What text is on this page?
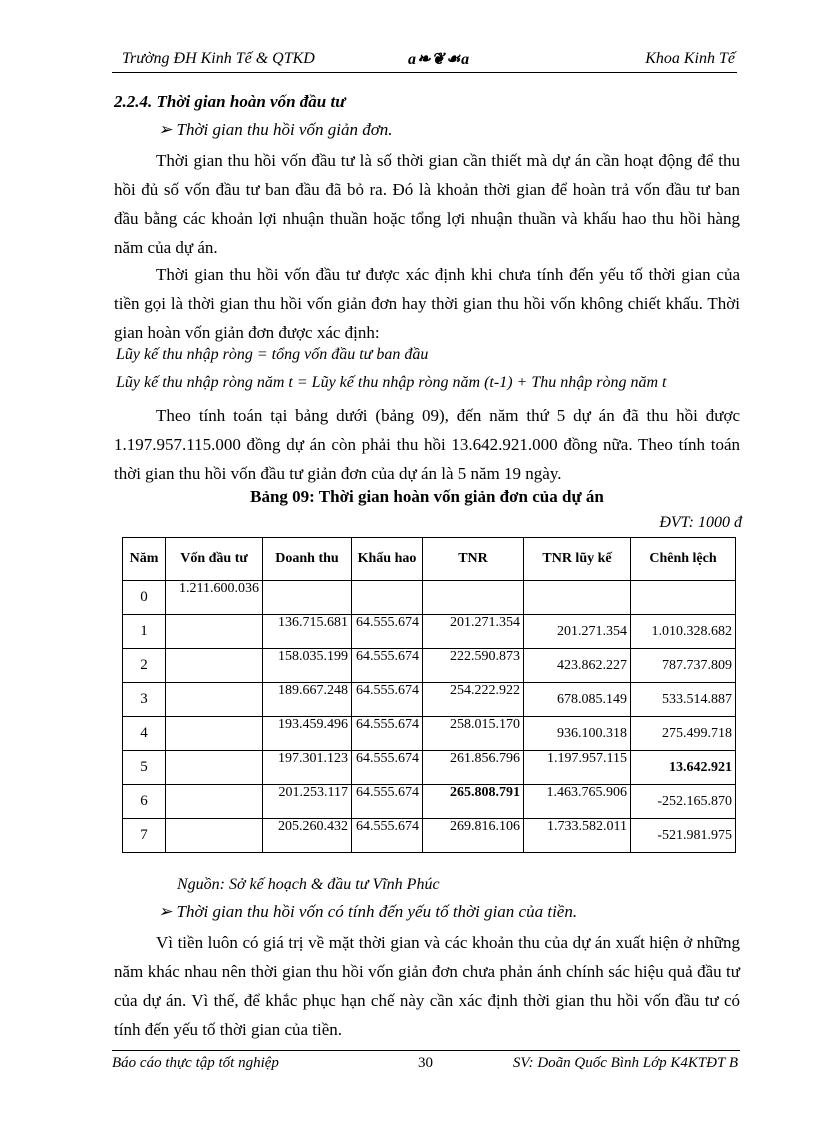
Trường ĐH Kinh Tế & QTKD	a❧❦☙a	Khoa Kinh Tế
2.2.4. Thời gian hoàn vốn đầu tư
➢ Thời gian thu hồi vốn giản đơn.
Thời gian thu hồi vốn đầu tư là số thời gian cần thiết mà dự án cần hoạt động để thu hồi đủ số vốn đầu tư ban đầu đã bỏ ra. Đó là khoản thời gian để hoàn trả vốn đầu tư ban đầu bằng các khoản lợi nhuận thuần hoặc tổng lợi nhuận thuần và khấu hao thu hồi hàng năm của dự án.
Thời gian thu hồi vốn đầu tư được xác định khi chưa tính đến yếu tố thời gian của tiền gọi là thời gian thu hồi vốn giản đơn hay thời gian thu hồi vốn không chiết khấu. Thời gian hoàn vốn giản đơn được xác định:
Lũy kế thu nhập ròng = tổng vốn đầu tư ban đầu
Lũy kế thu nhập ròng năm t = Lũy kế thu nhập ròng năm (t-1) + Thu nhập ròng năm t
Theo tính toán tại bảng dưới (bảng 09), đến năm thứ 5 dự án đã thu hồi được 1.197.957.115.000 đồng dự án còn phải thu hồi 13.642.921.000 đồng nữa. Theo tính toán thời gian thu hồi vốn đầu tư giản đơn của dự án là 5 năm 19 ngày.
Bảng 09: Thời gian hoàn vốn giản đơn của dự án
ĐVT: 1000 đ
➢ Thời gian thu hồi vốn có tính đến yếu tố thời gian của tiền.
Vì tiền luôn có giá trị về mặt thời gian và các khoản thu của dự án xuất hiện ở những năm khác nhau nên thời gian thu hồi vốn giản đơn chưa phản ánh chính sác hiệu quả đầu tư của dự án. Vì thế, để khắc phục hạn chế này cần xác định thời gian thu hồi vốn đầu tư có tính đến yếu tố thời gian của tiền.
Năm	Vốn đầu tư	Doanh thu	Khấu hao	TNR	TNR lũy kế	Chênh lệch
0	1.211.600.036					

1		136.715.681	64.555.674	201.271.354	201.271.354	1.010.328.682
2		158.035.199	64.555.674	222.590.873	423.862.227	787.737.809
3		189.667.248	64.555.674	254.222.922	678.085.149	533.514.887
4		193.459.496	64.555.674	258.015.170	936.100.318	275.499.718
5		197.301.123	64.555.674	261.856.796	1.197.957.115	13.642.921
6		201.253.117	64.555.674	265.808.791	1.463.765.906	-252.165.870
7		205.260.432	64.555.674	269.816.106	1.733.582.011	-521.981.975
Nguồn: Sở kế hoạch & đầu tư Vĩnh Phúc
Báo cáo thực tập tốt nghiệp	30	SV: Doãn Quốc Bình Lớp K4KTĐT B
